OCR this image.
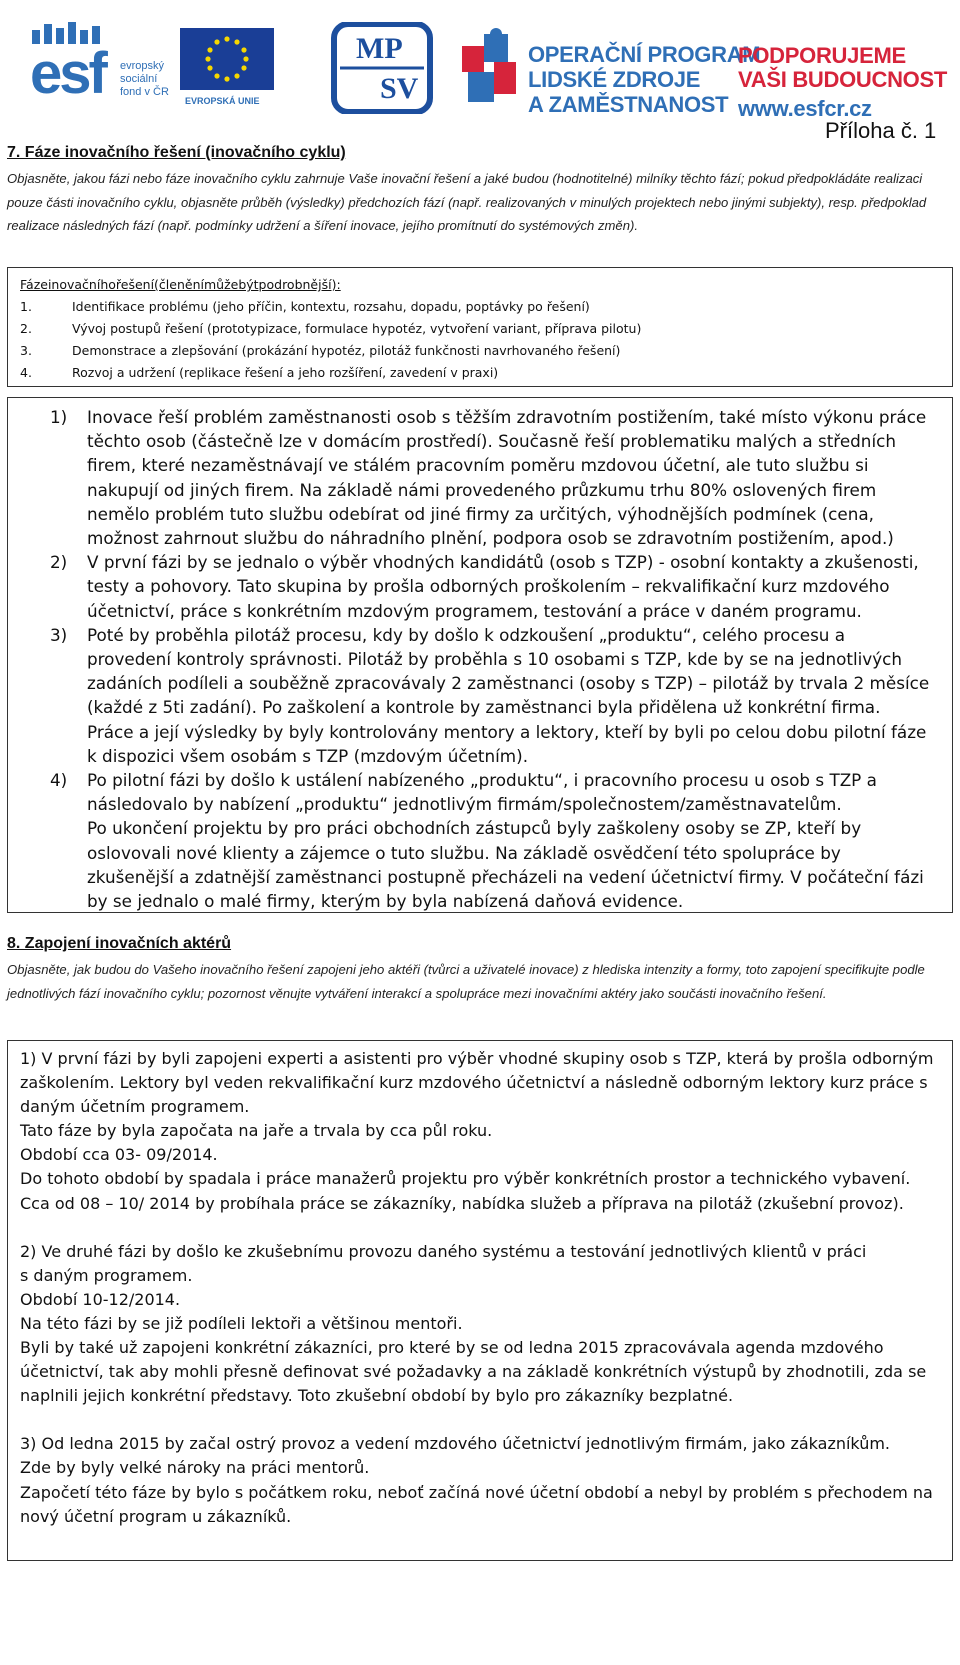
esf evropský
sociální
fond v ČR
EVROPSKÁ UNIE
MP
SV
OPERAČNÍ PROGRAM
LIDSKÉ ZDROJE
A ZAMĚSTNANOST
PODPORUJEME
VAŠI BUDOUCNOST
www.esfcr.cz
Příloha č. 1
7. Fáze inovačního řešení (inovačního cyklu)
Objasněte, jakou fázi nebo fáze inovačního cyklu zahrnuje Vaše inovační řešení a jaké budou (hodnotitelné) milníky těchto fází; pokud předpokládáte realizaci pouze části inovačního cyklu, objasněte průběh (výsledky) předchozích fází (např. realizovaných v minulých projektech nebo jinými subjekty), resp. předpoklad realizace následných fází (např. podmínky udržení a šíření inovace, jejího promítnutí do systémových změn).
Fázeinovačníhořešení(členěnímůžebýtpodrobnější):
1.	Identifikace problému (jeho příčin, kontextu, rozsahu, dopadu, poptávky po řešení)
2.	Vývoj postupů řešení (prototypizace, formulace hypotéz, vytvoření variant, příprava pilotu)
3.	Demonstrace a zlepšování (prokázání hypotéz, pilotáž funkčnosti navrhovaného řešení)
4.	Rozvoj a udržení (replikace řešení a jeho rozšíření, zavedení v praxi)
1)	Inovace řeší problém zaměstnanosti osob s těžším zdravotním postižením, také místo výkonu práce těchto osob (částečně lze v domácím prostředí). Současně řeší problematiku malých a středních firem, které nezaměstnávají ve stálém pracovním poměru mzdovou účetní, ale tuto službu si nakupují od jiných firem. Na základě námi provedeného průzkumu trhu 80% oslovených firem nemělo problém tuto službu odebírat od jiné firmy za určitých, výhodnějších podmínek (cena, možnost zahrnout službu do náhradního plnění, podpora osob se zdravotním postižením, apod.)
2)	V první fázi by se jednalo o výběr vhodných kandidátů (osob s TZP) - osobní kontakty a zkušenosti, testy a pohovory. Tato skupina by prošla odborných proškolením – rekvalifikační kurz mzdového účetnictví, práce s konkrétním mzdovým programem, testování a práce v daném programu.
3)	Poté by proběhla pilotáž procesu, kdy by došlo k odzkoušení „produktu“, celého procesu a provedení kontroly správnosti. Pilotáž by proběhla s 10 osobami s TZP, kde by se na jednotlivých zadáních podíleli a souběžně zpracovávaly 2 zaměstnanci (osoby s TZP) – pilotáž by trvala 2 měsíce (každé z 5ti zadání). Po zaškolení a kontrole by zaměstnanci byla přidělena už konkrétní firma. Práce a její výsledky by byly kontrolovány mentory a lektory, kteří by byli po celou dobu pilotní fáze k dispozici všem osobám s TZP (mzdovým účetním).
4)	Po pilotní fázi by došlo k ustálení nabízeného „produktu“, i pracovního procesu u osob s TZP a následovalo by nabízení „produktu“ jednotlivým firmám/společnostem/zaměstnavatelům.
Po ukončení projektu by pro práci obchodních zástupců byly zaškoleny osoby se ZP, kteří by oslovovali nové klienty a zájemce o tuto službu. Na základě osvědčení této spolupráce by zkušenější a zdatnější zaměstnanci postupně přecházeli na vedení účetnictví firmy. V počáteční fázi by se jednalo o malé firmy, kterým by byla nabízená daňová evidence.
8. Zapojení inovačních aktérů
Objasněte, jak budou do Vašeho inovačního řešení zapojeni jeho aktéři (tvůrci a uživatelé inovace) z hlediska intenzity a formy, toto zapojení specifikujte podle jednotlivých fází inovačního cyklu; pozornost věnujte vytváření interakcí a spolupráce mezi inovačními aktéry jako součásti inovačního řešení.

1) V první fázi by byli zapojeni experti a asistenti pro výběr vhodné skupiny osob s TZP, která by prošla odborným zaškolením. Lektory byl veden rekvalifikační kurz mzdového účetnictví a následně odborným lektory kurz práce s daným účetním programem.
Tato fáze by byla započata na jaře a trvala by cca půl roku.
Období cca 03- 09/2014.
Do tohoto období by spadala i práce manažerů projektu pro výběr konkrétních prostor a technického vybavení.
Cca od 08 – 10/ 2014 by probíhala práce se zákazníky, nabídka služeb a příprava na pilotáž (zkušební provoz).

2) Ve druhé fázi by došlo ke zkušebnímu provozu daného systému a testování jednotlivých klientů v práci
s daným programem.
Období 10-12/2014.
Na této fázi by se již podíleli lektoři a většinou mentoři.
Byli by také už zapojeni konkrétní zákazníci, pro které by se od ledna 2015 zpracovávala agenda mzdového účetnictví, tak aby mohli přesně definovat své požadavky a na základě konkrétních výstupů by zhodnotili, zda se naplnili jejich konkrétní představy. Toto zkušební období by bylo pro zákazníky bezplatné.

3) Od ledna 2015 by začal ostrý provoz a vedení mzdového účetnictví jednotlivým firmám, jako zákazníkům.
Zde by byly velké nároky na práci mentorů.
Započetí této fáze by bylo s počátkem roku, neboť začíná nové účetní období a nebyl by problém s přechodem na nový účetní program u zákazníků.
